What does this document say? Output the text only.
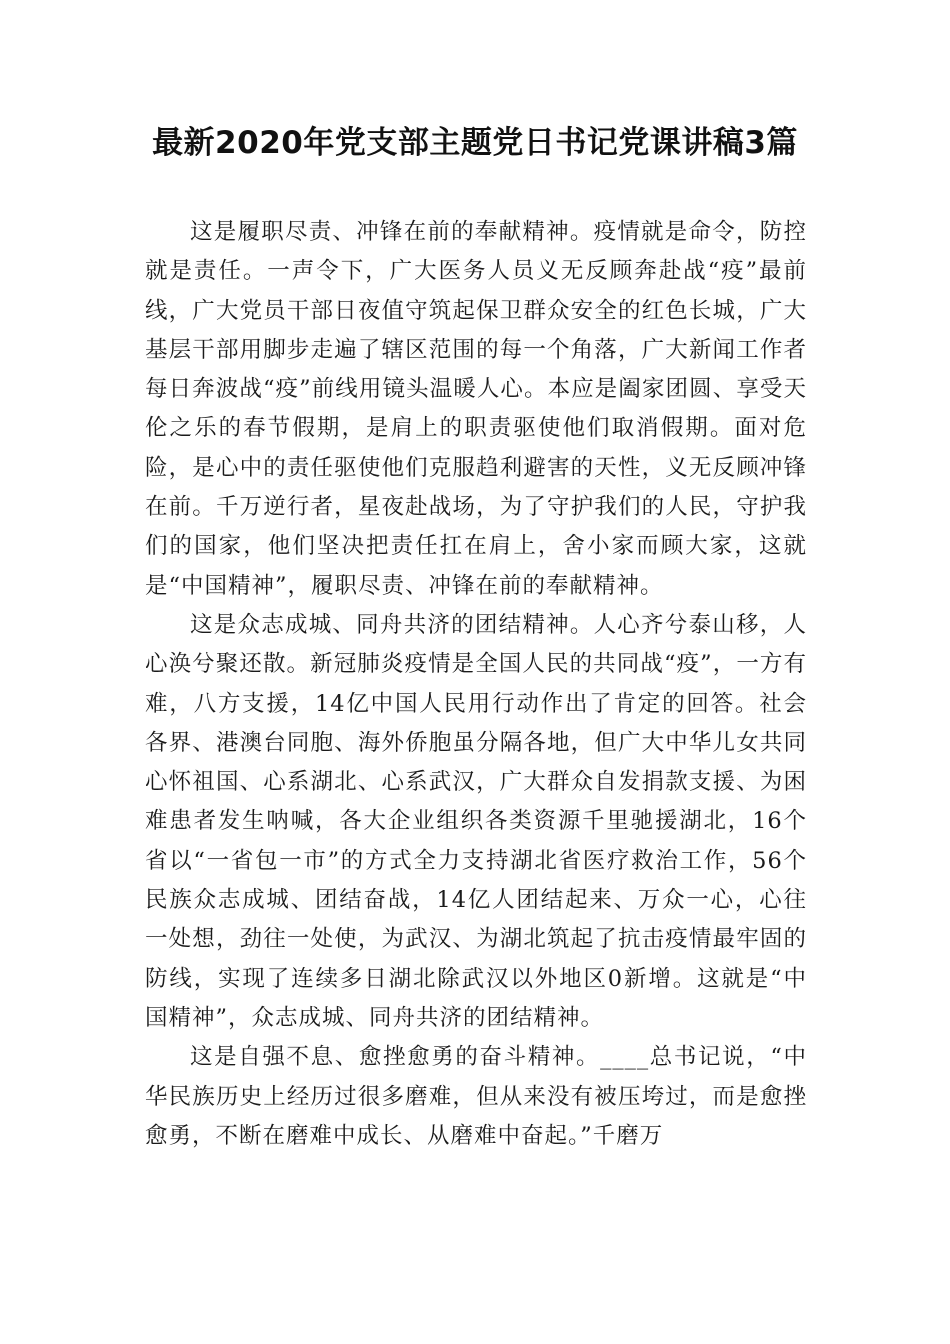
最新2020年党支部主题党日书记党课讲稿3篇

这是履职尽责、冲锋在前的奉献精神。疫情就是命令，防控就是责任。一声令下，广大医务人员义无反顾奔赴战“疫”最前线，广大党员干部日夜值守筑起保卫群众安全的红色长城，广大基层干部用脚步走遍了辖区范围的每一个角落，广大新闻工作者每日奔波战“疫”前线用镜头温暖人心。本应是阖家团圆、享受天伦之乐的春节假期，是肩上的职责驱使他们取消假期。面对危险，是心中的责任驱使他们克服趋利避害的天性，义无反顾冲锋在前。千万逆行者，星夜赴战场，为了守护我们的人民，守护我们的国家，他们坚决把责任扛在肩上，舍小家而顾大家，这就是“中国精神”，履职尽责、冲锋在前的奉献精神。

这是众志成城、同舟共济的团结精神。人心齐兮泰山移，人心涣兮聚还散。新冠肺炎疫情是全国人民的共同战“疫”，一方有难，八方支援，14亿中国人民用行动作出了肯定的回答。社会各界、港澳台同胞、海外侨胞虽分隔各地，但广大中华儿女共同心怀祖国、心系湖北、心系武汉，广大群众自发捐款支援、为困难患者发生呐喊，各大企业组织各类资源千里驰援湖北，16个省以“一省包一市”的方式全力支持湖北省医疗救治工作，56个民族众志成城、团结奋战，14亿人团结起来、万众一心，心往一处想，劲往一处使，为武汉、为湖北筑起了抗击疫情最牢固的防线，实现了连续多日湖北除武汉以外地区0新增。这就是“中国精神”，众志成城、同舟共济的团结精神。

这是自强不息、愈挫愈勇的奋斗精神。____总书记说，“中华民族历史上经历过很多磨难，但从来没有被压垮过，而是愈挫愈勇，不断在磨难中成长、从磨难中奋起。”千磨万
